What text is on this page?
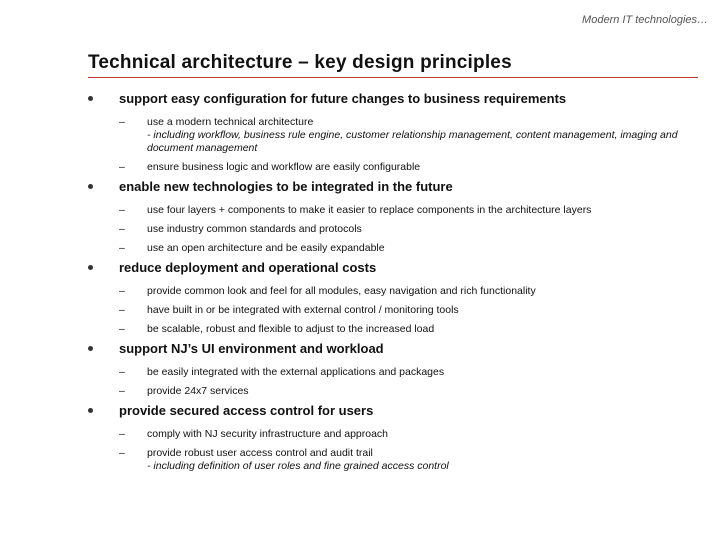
Modern IT technologies…
Technical architecture – key design principles
support easy configuration for future changes to business requirements
– use a modern technical architecture
- including workflow, business rule engine, customer relationship management, content management, imaging and document management
– ensure business logic and workflow are easily configurable
enable new technologies to be integrated in the future
– use four layers + components to make it easier to replace components in the architecture layers
– use industry common standards and protocols
– use an open architecture and be easily expandable
reduce deployment and operational costs
– provide common look and feel for all modules, easy navigation and rich functionality
– have built in or be integrated with external control / monitoring tools
– be scalable, robust and flexible to adjust to the increased load
support NJ’s UI environment and workload
– be easily integrated with the external applications and packages
– provide 24x7 services
provide secured access control for users
– comply with NJ security infrastructure and approach
– provide robust user access control and audit trail
- including definition of user roles and fine grained access control
